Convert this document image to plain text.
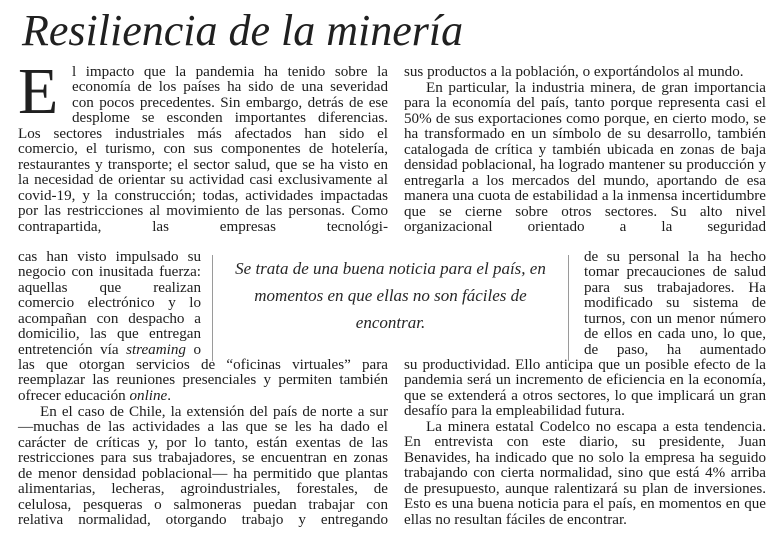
Resiliencia de la minería
E l impacto que la pandemia ha tenido sobre la economía de los países ha sido de una severidad con pocos precedentes. Sin embargo, detrás de ese desplome se esconden importantes diferencias.

Los sectores industriales más afectados han sido el comercio, el turismo, con sus componentes de hotelería, restaurantes y transporte; el sector salud, que se ha visto en la necesidad de orientar su actividad casi exclusivamente al covid-19, y la construcción; todas, actividades impactadas por las restricciones al movimiento de las personas. Como contrapartida, las empresas tecnológi-

cas han visto impulsado su negocio con inusitada fuerza: aquellas que realizan comercio electrónico y lo acompañan con despacho a domicilio, las que entregan entretención vía streaming o

las que otorgan servicios de “oficinas virtuales” para reemplazar las reuniones presenciales y permiten también ofrecer educación online.

En el caso de Chile, la extensión del país de norte a sur —muchas de las actividades a las que se les ha dado el carácter de críticas y, por lo tanto, están exentas de las restricciones para sus trabajadores, se encuentran en zonas de menor densidad poblacional— ha permitido que plantas alimentarias, lecheras, agroindustriales, forestales, de celulosa, pesqueras o salmoneras puedan trabajar con relativa normalidad, otorgando trabajo y entregando

sus productos a la población, o exportándolos al mundo.

En particular, la industria minera, de gran importancia para la economía del país, tanto porque representa casi el 50% de sus exportaciones como porque, en cierto modo, se ha transformado en un símbolo de su desarrollo, también catalogada de crítica y también ubicada en zonas de baja densidad poblacional, ha logrado mantener su producción y entregarla a los mercados del mundo, aportando de esa manera una cuota de estabilidad a la inmensa incertidumbre que se cierne sobre otros sectores. Su alto nivel organizacional orientado a la seguridad

de su personal la ha hecho tomar precauciones de salud para sus trabajadores. Ha modificado su sistema de turnos, con un menor número de ellos en cada uno, lo que, de paso, ha aumentado

su productividad. Ello anticipa que un posible efecto de la pandemia será un incremento de eficiencia en la economía, que se extenderá a otros sectores, lo que implicará un gran desafío para la empleabilidad futura.

La minera estatal Codelco no escapa a esta tendencia. En entrevista con este diario, su presidente, Juan Benavides, ha indicado que no solo la empresa ha seguido trabajando con cierta normalidad, sino que está 4% arriba de presupuesto, aunque ralentizará su plan de inversiones. Esto es una buena noticia para el país, en momentos en que ellas no resultan fáciles de encontrar.

Se trata de una buena noticia para el país, en momentos en que ellas no son fáciles de encontrar.
